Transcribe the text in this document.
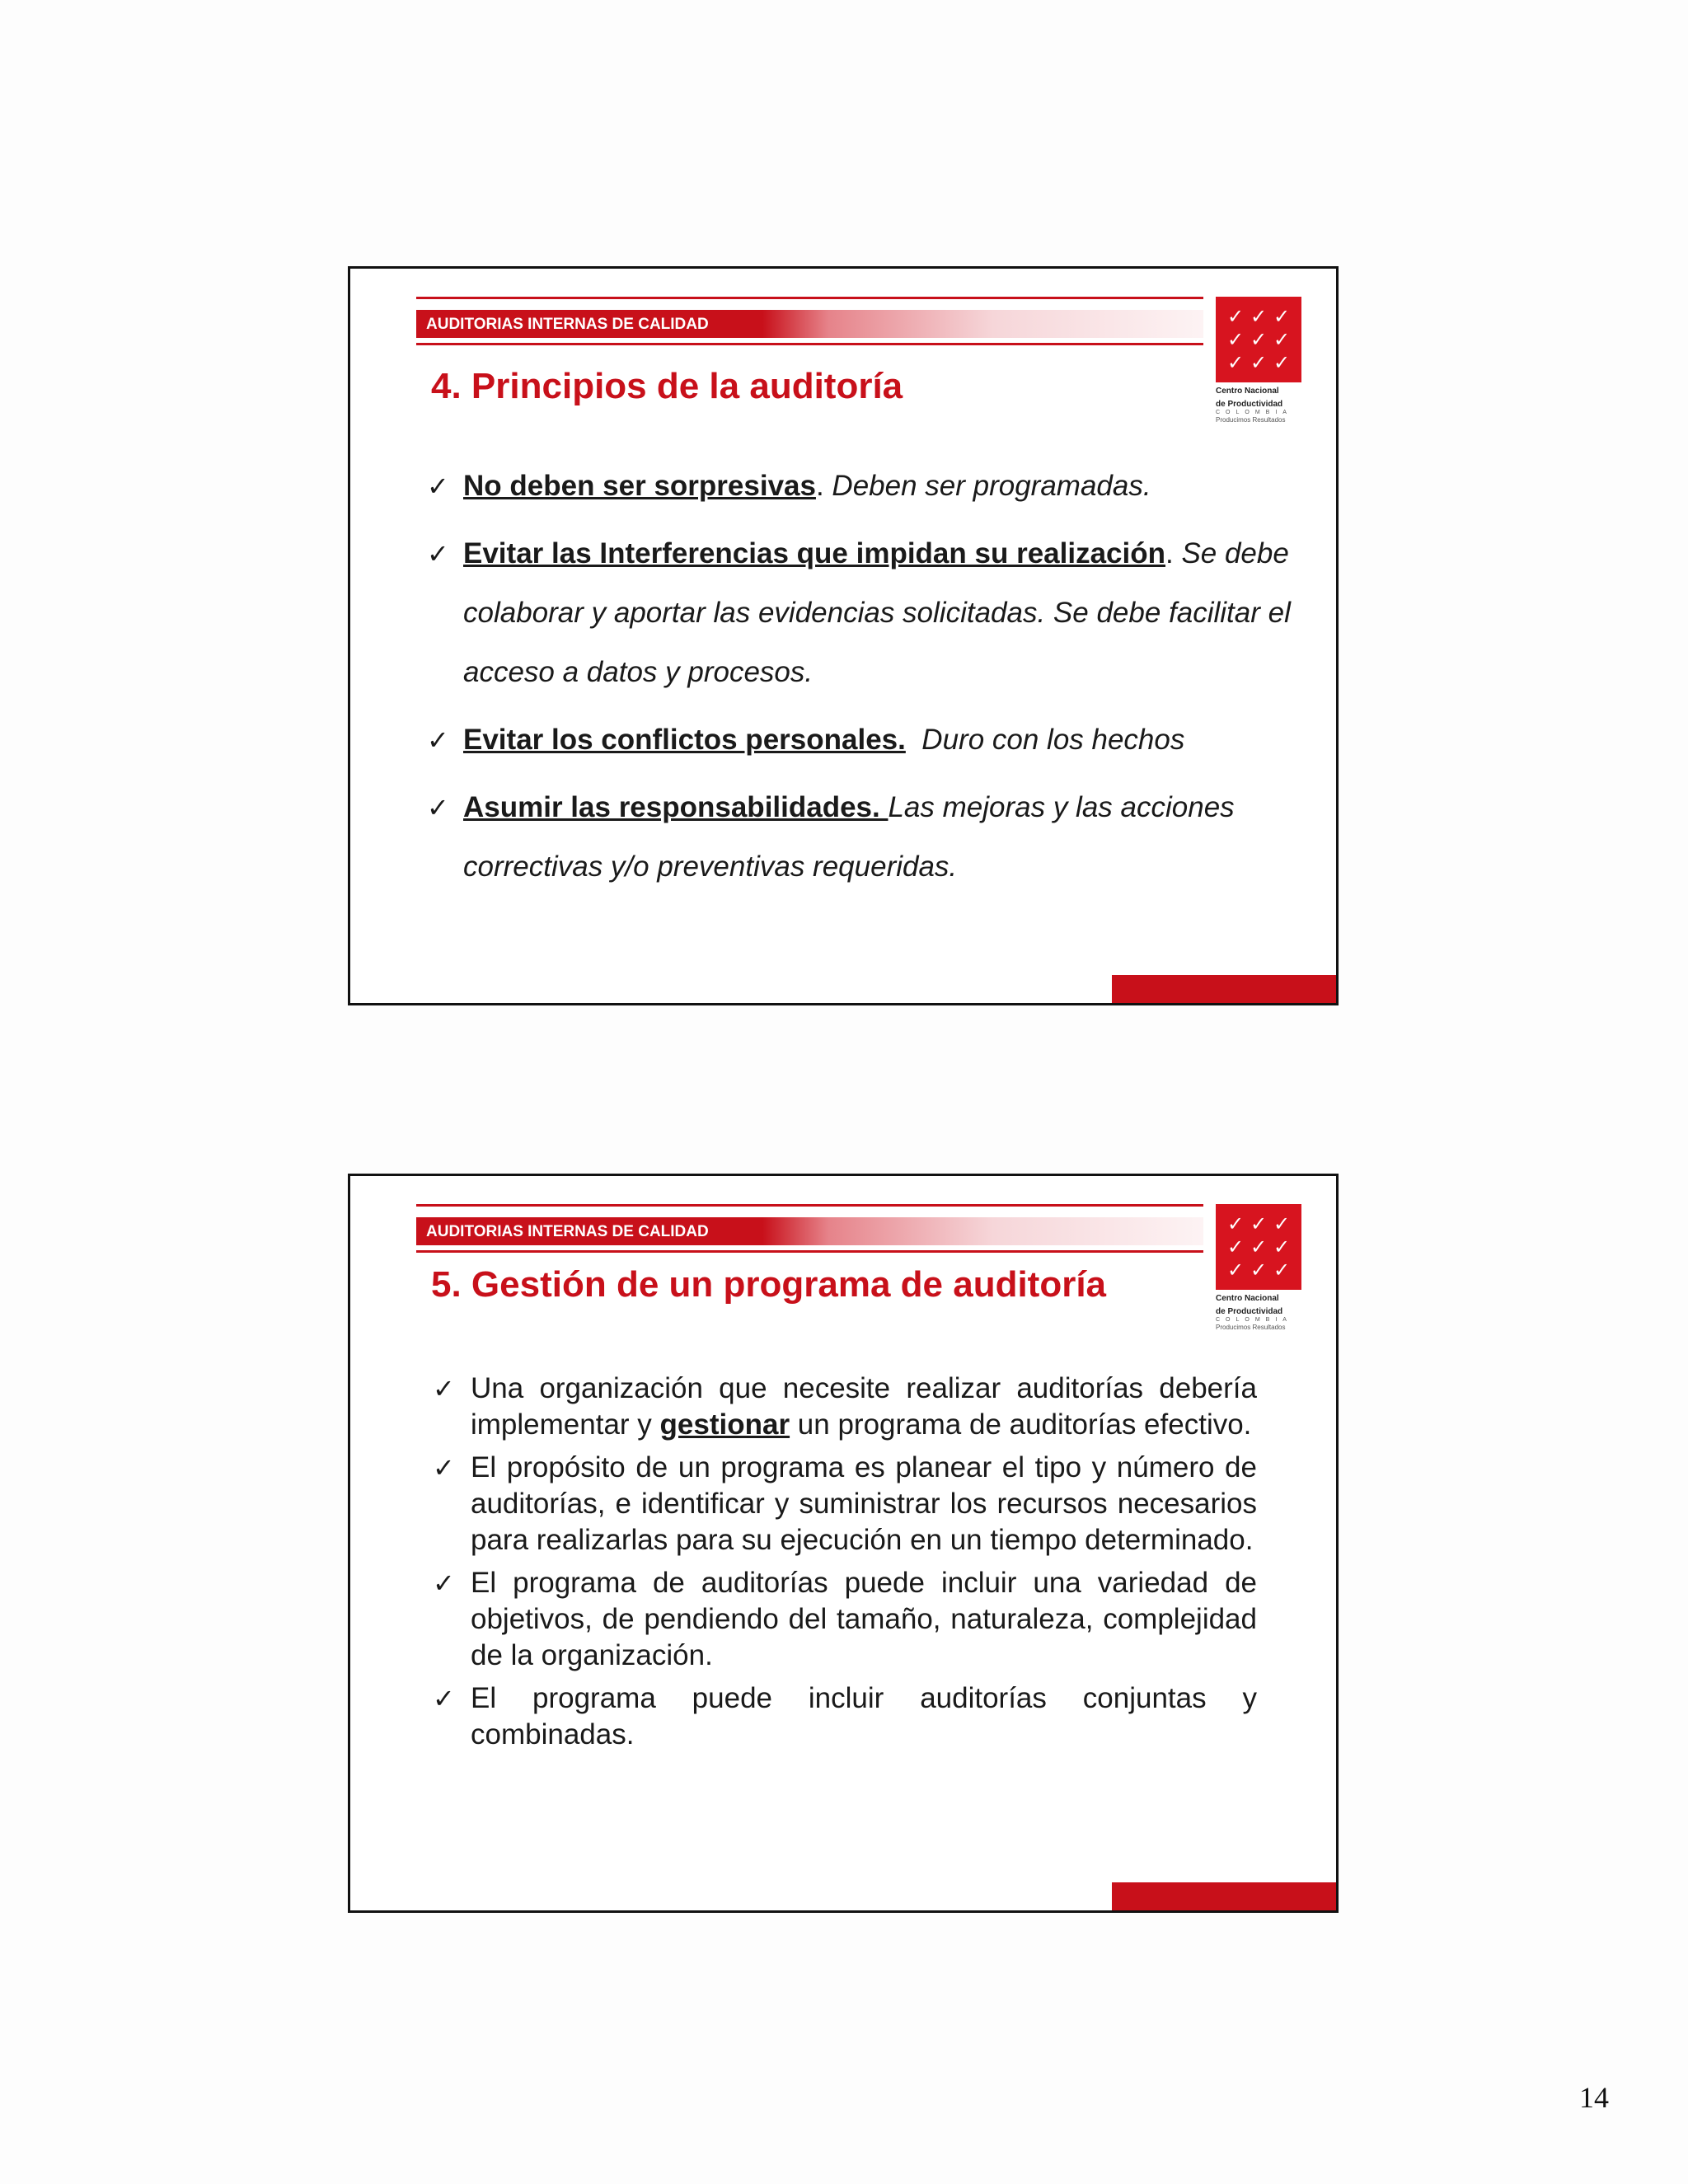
AUDITORIAS INTERNAS DE CALIDAD	✓ ✓ ✓
✓ ✓ ✓
✓ ✓ ✓
Centro Nacional
de Productividad
COLOMBIA
Producimos Resultados
4. Principios de la auditoría
✓ No deben ser sorpresivas. Deben ser programadas.
✓ Evitar las Interferencias que impidan su realización. Se debe colaborar y aportar las evidencias solicitadas. Se debe facilitar el acceso a datos y procesos.
✓ Evitar los conflictos personales. Duro con los hechos
✓ Asumir las responsabilidades. Las mejoras y las acciones correctivas y/o preventivas requeridas.
AUDITORIAS INTERNAS DE CALIDAD	✓ ✓ ✓
✓ ✓ ✓
✓ ✓ ✓
Centro Nacional
de Productividad
COLOMBIA
Producimos Resultados
5. Gestión de un programa de auditoría
✓ Una organización que necesite realizar auditorías debería implementar y gestionar un programa de auditorías efectivo.
✓ El propósito de un programa es planear el tipo y número de auditorías, e identificar y suministrar los recursos necesarios para realizarlas para su ejecución en un tiempo determinado.
✓ El programa de auditorías puede incluir una variedad de objetivos, de pendiendo del tamaño, naturaleza, complejidad de la organización.
✓ El programa puede incluir auditorías conjuntas y combinadas.
14
